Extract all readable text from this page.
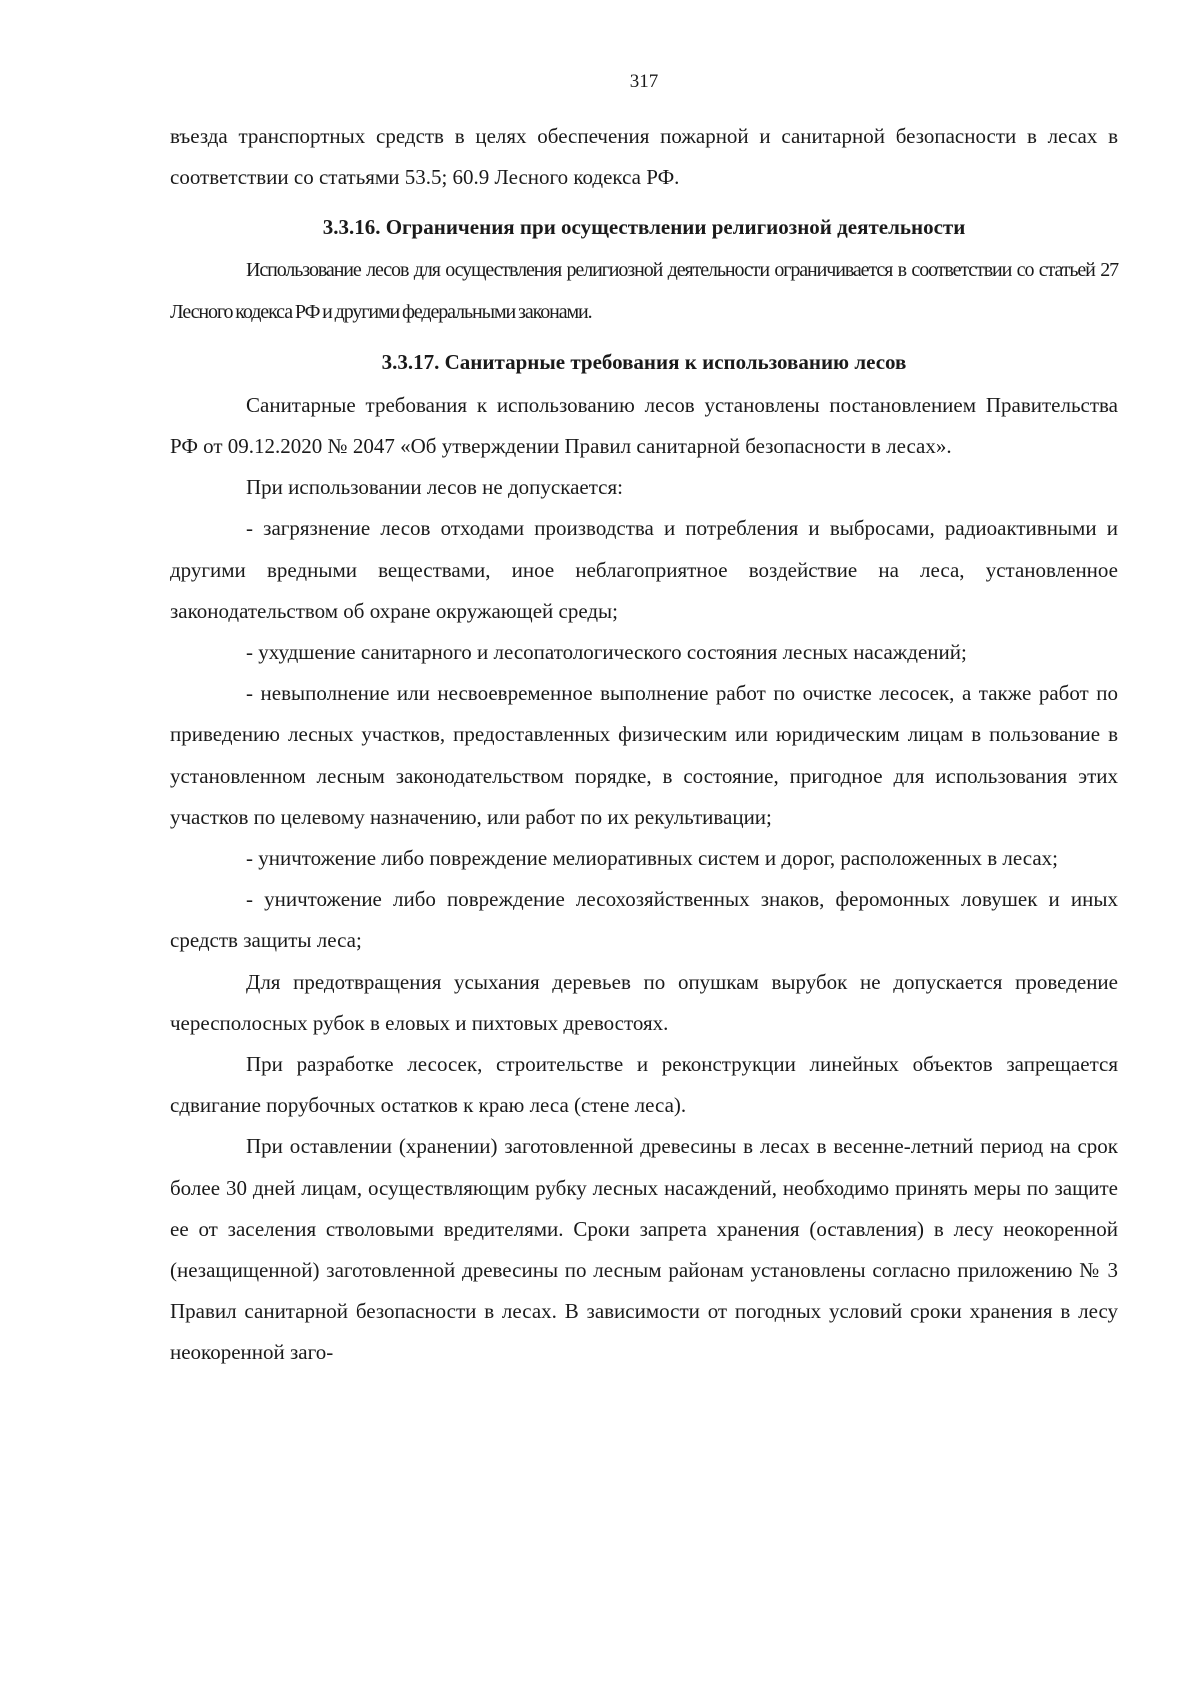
317

въезда транспортных средств в целях обеспечения пожарной и санитарной безопасности в лесах в соответствии со статьями 53.5; 60.9 Лесного кодекса РФ.

3.3.16. Ограничения при осуществлении религиозной деятельности

Использование лесов для осуществления религиозной деятельности ограничивается в соответствии со статьей 27 Лесного кодекса РФ и другими федеральными законами.

3.3.17. Санитарные требования к использованию лесов

Санитарные требования к использованию лесов установлены постановлением Правительства РФ от 09.12.2020 № 2047 «Об утверждении Правил санитарной безопасности в лесах».

При использовании лесов не допускается:

- загрязнение лесов отходами производства и потребления и выбросами, радиоактивными и другими вредными веществами, иное неблагоприятное воздействие на леса, установленное законодательством об охране окружающей среды;

- ухудшение санитарного и лесопатологического состояния лесных насаждений;

- невыполнение или несвоевременное выполнение работ по очистке лесосек, а также работ по приведению лесных участков, предоставленных физическим или юридическим лицам в пользование в установленном лесным законодательством порядке, в состояние, пригодное для использования этих участков по целевому назначению, или работ по их рекультивации;

- уничтожение либо повреждение мелиоративных систем и дорог, расположенных в лесах;

- уничтожение либо повреждение лесохозяйственных знаков, феромонных ловушек и иных средств защиты леса;

Для предотвращения усыхания деревьев по опушкам вырубок не допускается проведение чересполосных рубок в еловых и пихтовых древостоях.

При разработке лесосек, строительстве и реконструкции линейных объектов запрещается сдвигание порубочных остатков к краю леса (стене леса).

При оставлении (хранении) заготовленной древесины в лесах в весенне-летний период на срок более 30 дней лицам, осуществляющим рубку лесных насаждений, необходимо принять меры по защите ее от заселения стволовыми вредителями. Сроки запрета хранения (оставления) в лесу неокоренной (незащищенной) заготовленной древесины по лесным районам установлены согласно приложению № 3 Правил санитарной безопасности в лесах. В зависимости от погодных условий сроки хранения в лесу неокоренной заго-
